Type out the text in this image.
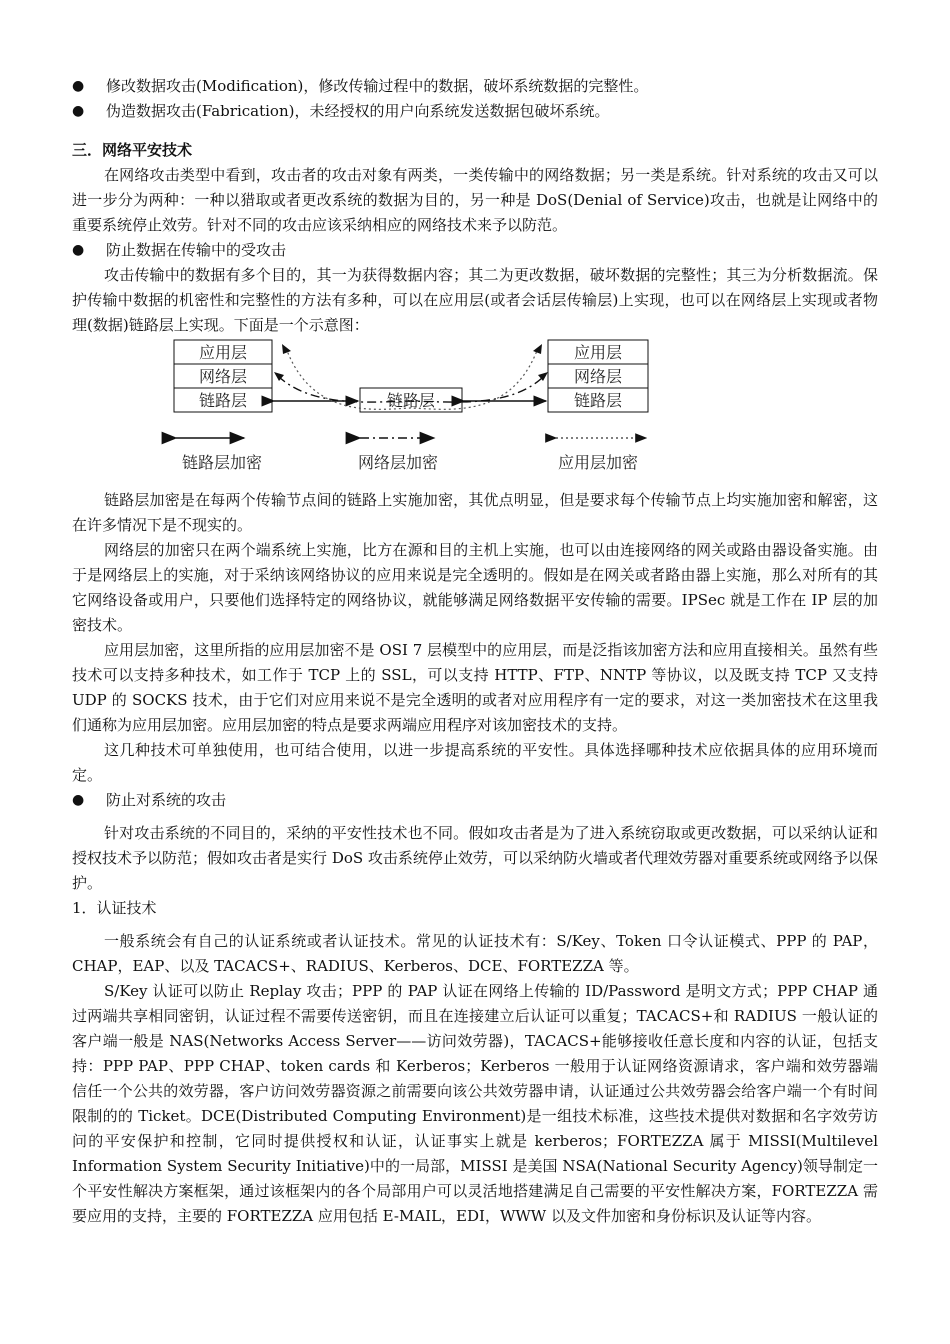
● 修改数据攻击(Modification)，修改传输过程中的数据，破坏系统数据的完整性。
● 伪造数据攻击(Fabrication)，未经授权的用户向系统发送数据包破坏系统。
三．网络平安技术

在网络攻击类型中看到，攻击者的攻击对象有两类，一类传输中的网络数据；另一类是系统。针对系统的攻击又可以进一步分为两种：一种以猎取或者更改系统的数据为目的，另一种是 DoS(Denial of Service)攻击，也就是让网络中的重要系统停止效劳。针对不同的攻击应该采纳相应的网络技术来予以防范。

● 防止数据在传输中的受攻击

攻击传输中的数据有多个目的，其一为获得数据内容；其二为更改数据，破坏数据的完整性；其三为分析数据流。保护传输中数据的机密性和完整性的方法有多种，可以在应用层(或者会话层传输层)上实现，也可以在网络层上实现或者物理(数据)链路层上实现。下面是一个示意图：

应用层
网络层
链路层	链路层
应用层
网络层
链路层
链路层加密	网络层加密	应用层加密

链路层加密是在每两个传输节点间的链路上实施加密，其优点明显，但是要求每个传输节点上均实施加密和解密，这在许多情况下是不现实的。

网络层的加密只在两个端系统上实施，比方在源和目的主机上实施，也可以由连接网络的网关或路由器设备实施。由于是网络层上的实施，对于采纳该网络协议的应用来说是完全透明的。假如是在网关或者路由器上实施，那么对所有的其它网络设备或用户，只要他们选择特定的网络协议，就能够满足网络数据平安传输的需要。IPSec 就是工作在 IP 层的加密技术。

应用层加密，这里所指的应用层加密不是 OSI 7 层模型中的应用层，而是泛指该加密方法和应用直接相关。虽然有些技术可以支持多种技术，如工作于 TCP 上的 SSL，可以支持 HTTP、FTP、NNTP 等协议，以及既支持 TCP 又支持 UDP 的 SOCKS 技术，由于它们对应用来说不是完全透明的或者对应用程序有一定的要求，对这一类加密技术在这里我们通称为应用层加密。应用层加密的特点是要求两端应用程序对该加密技术的支持。

这几种技术可单独使用，也可结合使用，以进一步提高系统的平安性。具体选择哪种技术应依据具体的应用环境而定。

● 防止对系统的攻击

针对攻击系统的不同目的，采纳的平安性技术也不同。假如攻击者是为了进入系统窃取或更改数据，可以采纳认证和授权技术予以防范；假如攻击者是实行 DoS 攻击系统停止效劳，可以采纳防火墙或者代理效劳器对重要系统或网络予以保护。

1．认证技术

一般系统会有自己的认证系统或者认证技术。常见的认证技术有：S/Key、Token 口令认证模式、PPP 的 PAP，CHAP，EAP、以及 TACACS+、RADIUS、Kerberos、DCE、FORTEZZA 等。

S/Key 认证可以防止 Replay 攻击；PPP 的 PAP 认证在网络上传输的 ID/Password 是明文方式；PPP CHAP 通过两端共享相同密钥，认证过程不需要传送密钥，而且在连接建立后认证可以重复；TACACS+和 RADIUS 一般认证的客户端一般是 NAS(Networks Access Server——访问效劳器)，TACACS+能够接收任意长度和内容的认证，包括支持：PPP PAP、PPP CHAP、token cards 和 Kerberos；Kerberos 一般用于认证网络资源请求，客户端和效劳器端信任一个公共的效劳器，客户访问效劳器资源之前需要向该公共效劳器申请，认证通过公共效劳器会给客户端一个有时间限制的的 Ticket。DCE(Distributed Computing Environment)是一组技术标准，这些技术提供对数据和名字效劳访问的平安保护和控制，它同时提供授权和认证，认证事实上就是 kerberos；FORTEZZA 属于 MISSI(Multilevel Information System Security Initiative)中的一局部，MISSI 是美国 NSA(National Security Agency)领导制定一个平安性解决方案框架，通过该框架内的各个局部用户可以灵活地搭建满足自己需要的平安性解决方案，FORTEZZA 需要应用的支持，主要的 FORTEZZA 应用包括 E-MAIL，EDI，WWW 以及文件加密和身份标识及认证等内容。
